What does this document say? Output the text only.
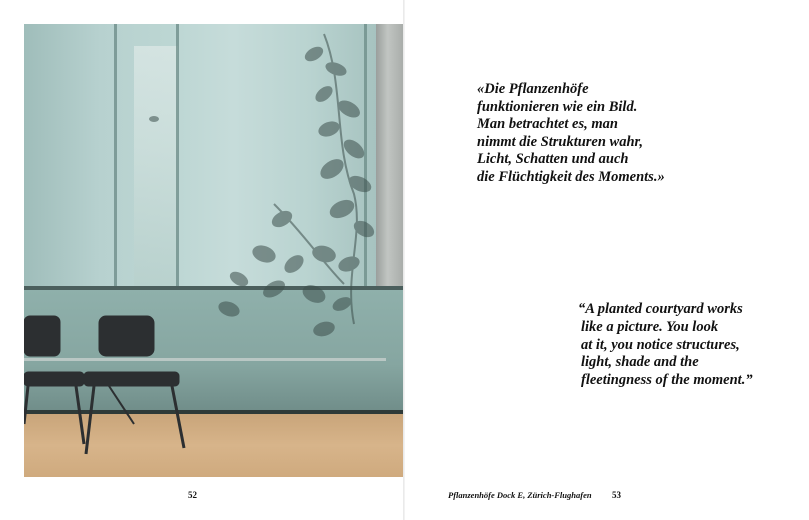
52

«Die Pflanzenhöfe
funktionieren wie ein Bild.
Man betrachtet es, man
nimmt die Strukturen wahr,
Licht, Schatten und auch
die Flüchtigkeit des Moments.»

“A planted courtyard works
like a picture. You look
at it, you notice structures,
light, shade and the
fleetingness of the moment.”

Pflanzenhöfe Dock E, Zürich-Flughafen 53
